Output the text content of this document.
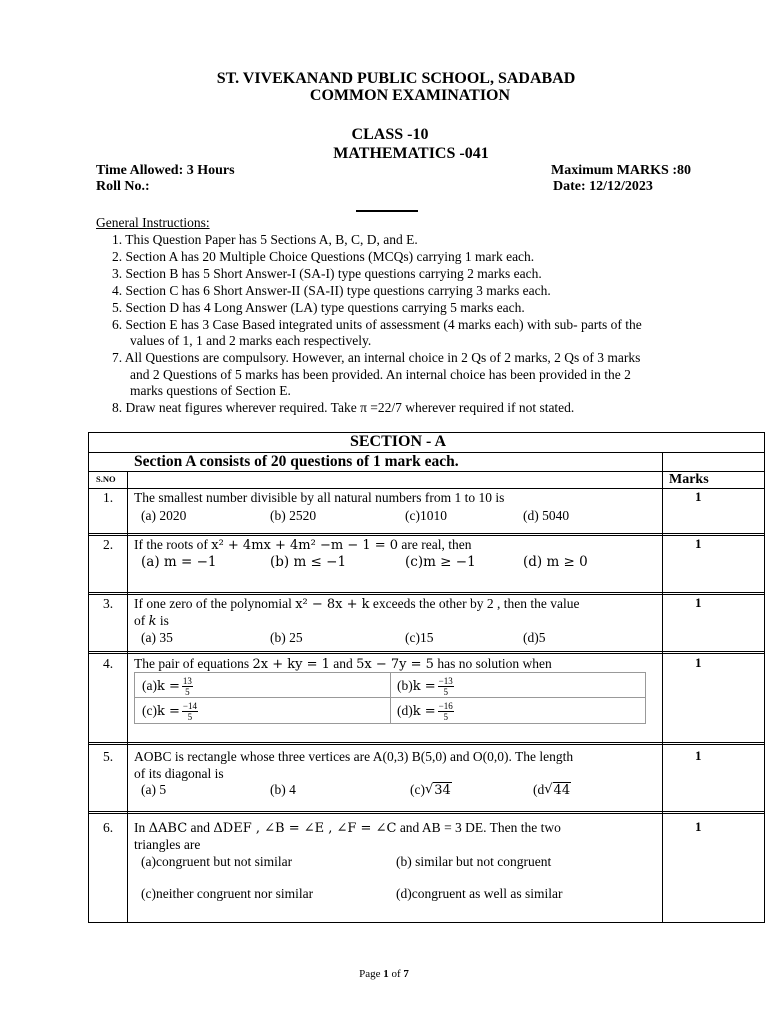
ST. VIVEKANAND PUBLIC SCHOOL, SADABAD
COMMON EXAMINATION
CLASS -10
MATHEMATICS -041
Time Allowed: 3 Hours	Maximum MARKS :80
Roll No.:	Date: 12/12/2023
General Instructions:
1. This Question Paper has 5 Sections A, B, C, D, and E.
2. Section A has 20 Multiple Choice Questions (MCQs) carrying 1 mark each.
3. Section B has 5 Short Answer-I (SA-I) type questions carrying 2 marks each.
4. Section C has 6 Short Answer-II (SA-II) type questions carrying 3 marks each.
5. Section D has 4 Long Answer (LA) type questions carrying 5 marks each.
6. Section E has 3 Case Based integrated units of assessment (4 marks each) with sub- parts of the
values of 1, 1 and 2 marks each respectively.
7. All Questions are compulsory. However, an internal choice in 2 Qs of 2 marks, 2 Qs of 3 marks
and 2 Questions of 5 marks has been provided. An internal choice has been provided in the 2
marks questions of Section E.
8. Draw neat figures wherever required. Take π =22/7 wherever required if not stated.
SECTION - A
Section A consists of 20 questions of 1 mark each.
S.NO	Marks
1. The smallest number divisible by all natural numbers from 1 to 10 is
(a) 2020	(b) 2520	(c)1010	(d) 5040
1
2. If the roots of x² + 4mx + 4m² −m − 1 = 0 are real, then
(a) m = −1	(b) m ≤ −1	(c)m ≥ −1	(d) m ≥ 0
1
3. If one zero of the polynomial x² − 8x + k exceeds the other by 2 , then the value
of k is
(a) 35	(b) 25	(c)15	(d)5
1
4. The pair of equations 2x + ky = 1 and 5x − 7y = 5 has no solution when
(a) $k = \frac{13}{5}$	(b) $k = \frac{-13}{5}$
(c) $k = \frac{-14}{5}$	(d) $k = \frac{-16}{5}$
1
5. AOBC is rectangle whose three vertices are A(0,3) B(5,0) and O(0,0). The length
of its diagonal is
(a) 5	(b) 4	(c) √ 34	(d √ 44
1
6. In ΔABC and ΔDEF , ∠B = ∠E , ∠F = ∠C and AB = 3 DE. Then the two
triangles are
(a)congruent but not similar	(b) similar but not congruent
(c)neither congruent nor similar	(d)congruent as well as similar
1
Page 1 of 7
